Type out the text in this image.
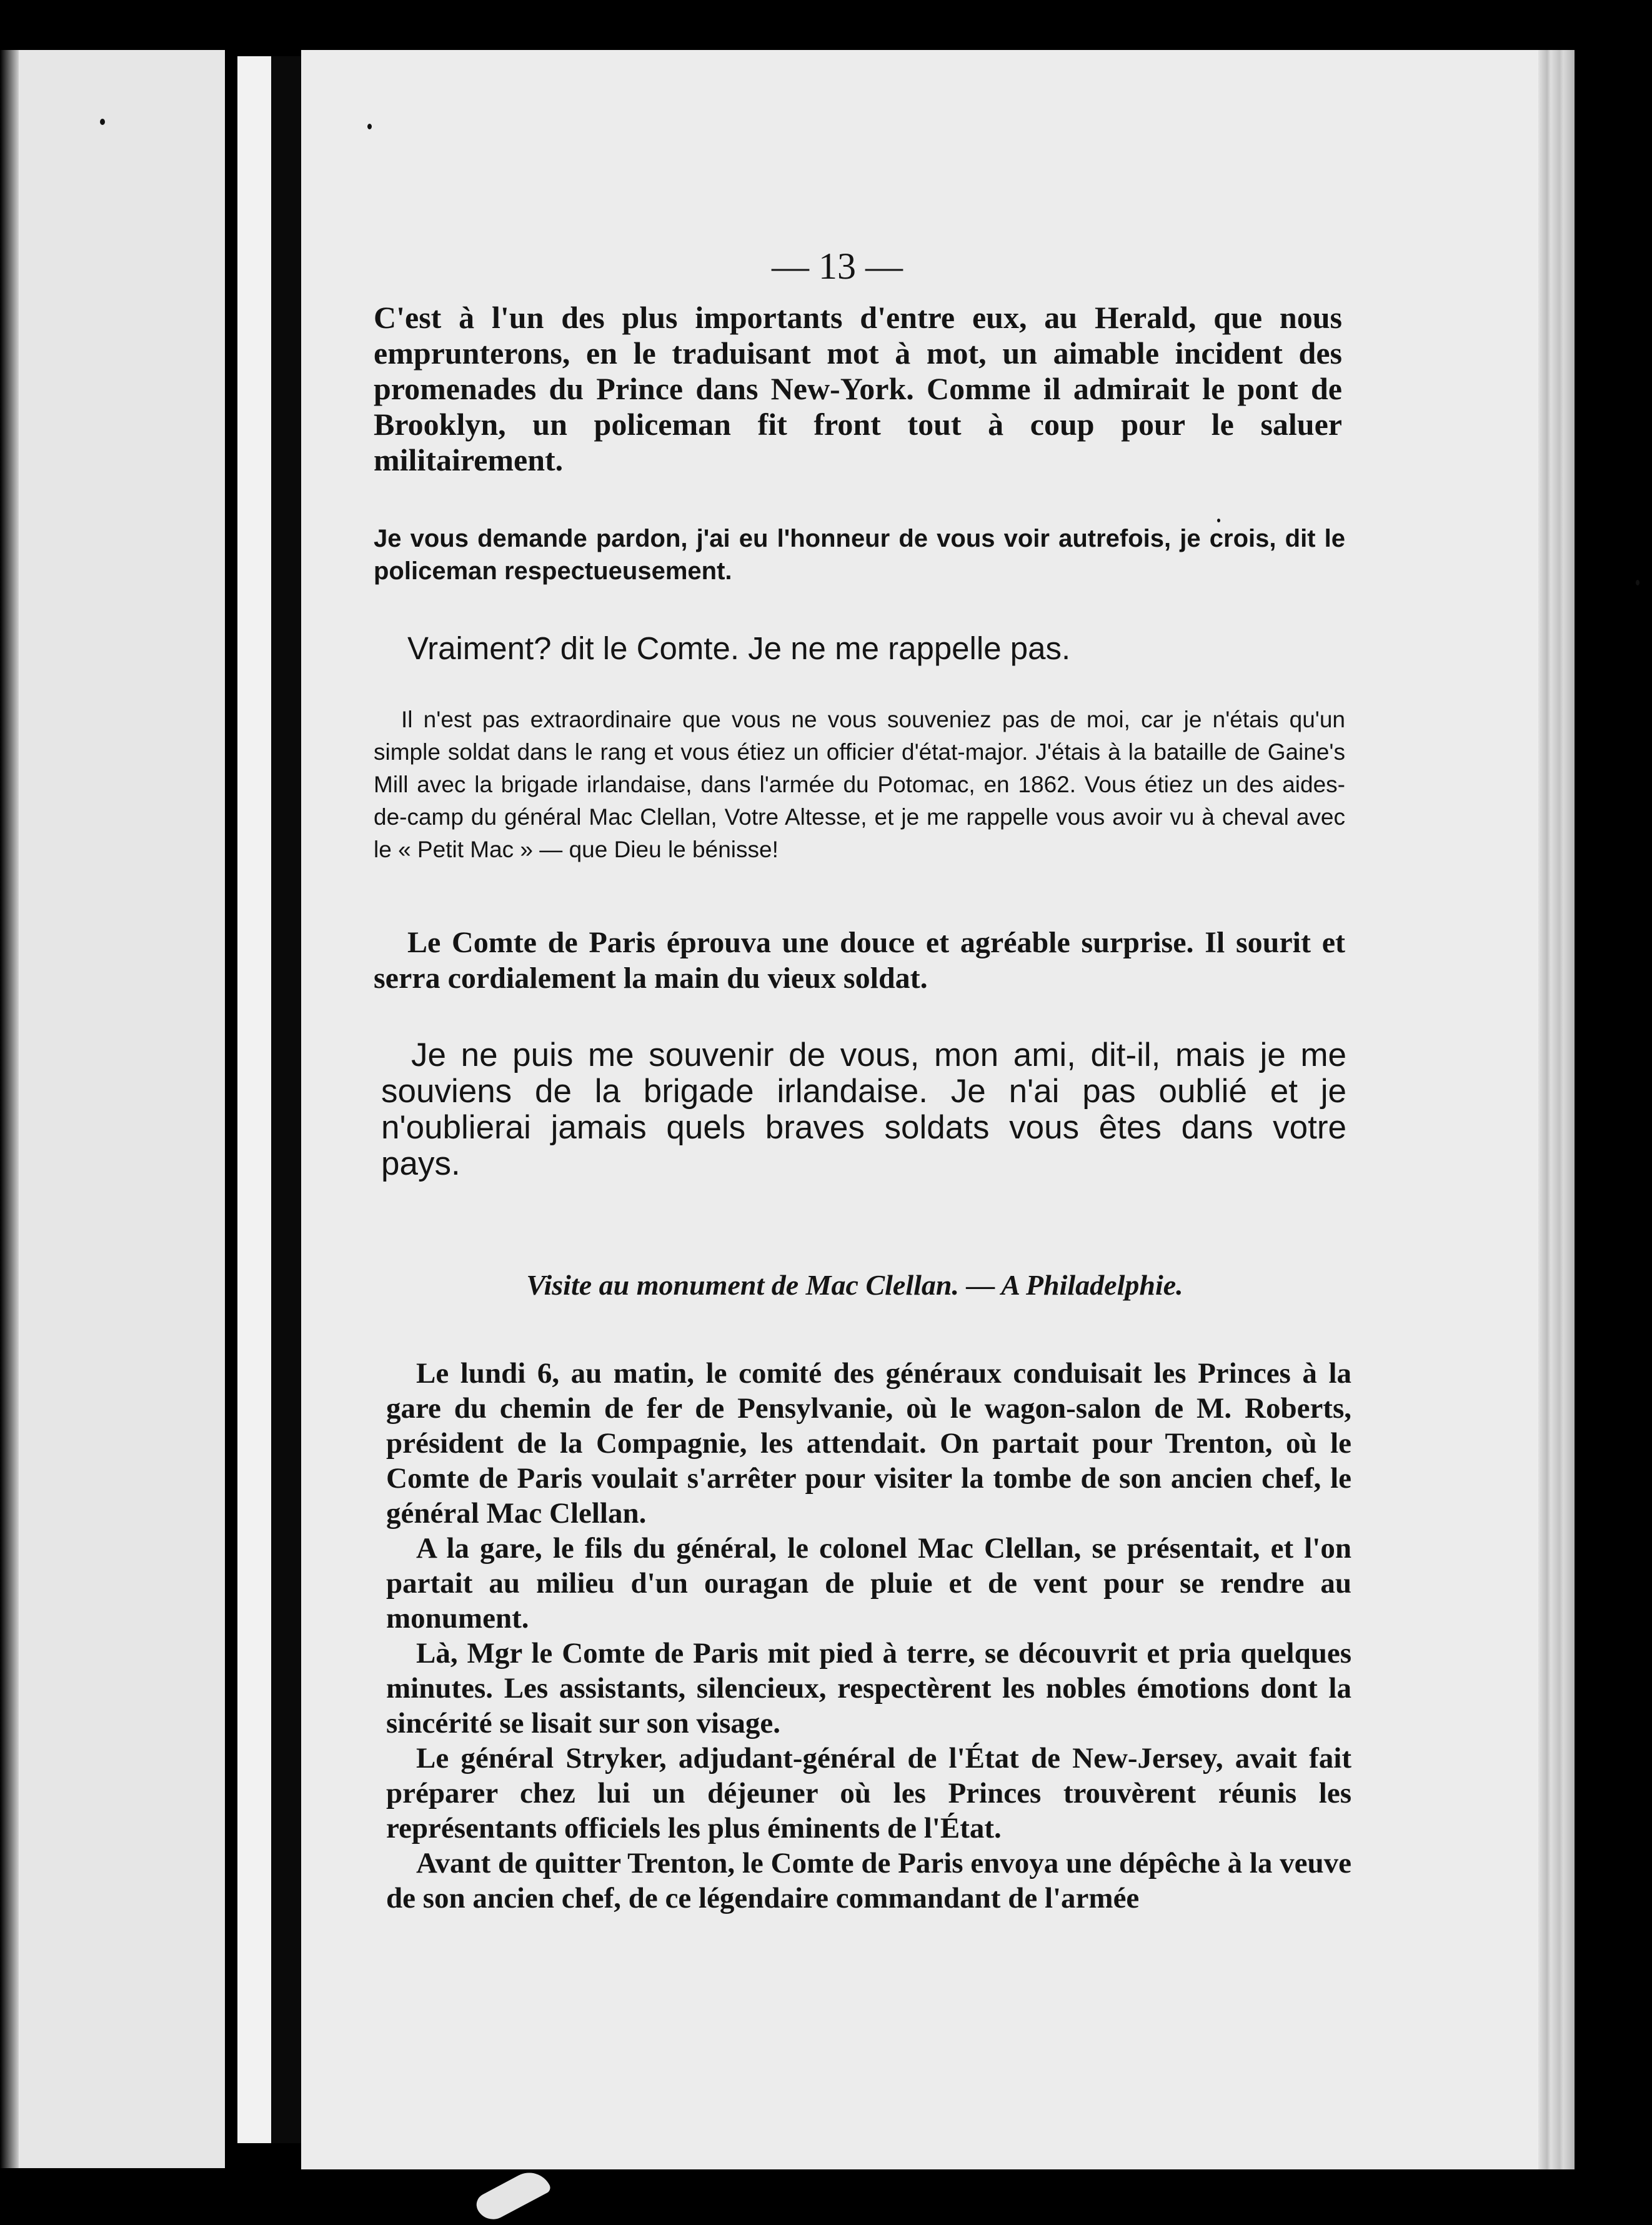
— 13 —

C'est à l'un des plus importants d'entre eux, au Herald, que nous emprunterons, en le traduisant mot à mot, un aimable incident des promenades du Prince dans New-York. Comme il admirait le pont de Brooklyn, un policeman fit front tout à coup pour le saluer militairement.

Je vous demande pardon, j'ai eu l'honneur de vous voir autrefois, je crois, dit le policeman respectueusement.

Vraiment? dit le Comte. Je ne me rappelle pas.

Il n'est pas extraordinaire que vous ne vous souveniez pas de moi, car je n'étais qu'un simple soldat dans le rang et vous étiez un officier d'état-major. J'étais à la bataille de Gaine's Mill avec la brigade irlandaise, dans l'armée du Potomac, en 1862. Vous étiez un des aides-de-camp du général Mac Clellan, Votre Altesse, et je me rappelle vous avoir vu à cheval avec le « Petit Mac » — que Dieu le bénisse!

Le Comte de Paris éprouva une douce et agréable surprise. Il sourit et serra cordialement la main du vieux soldat.

Je ne puis me souvenir de vous, mon ami, dit-il, mais je me souviens de la brigade irlandaise. Je n'ai pas oublié et je n'oublierai jamais quels braves soldats vous êtes dans votre pays.

Visite au monument de Mac Clellan. — A Philadelphie.

Le lundi 6, au matin, le comité des généraux conduisait les Princes à la gare du chemin de fer de Pensylvanie, où le wagon-salon de M. Roberts, président de la Compagnie, les attendait. On partait pour Trenton, où le Comte de Paris voulait s'arrêter pour visiter la tombe de son ancien chef, le général Mac Clellan.

A la gare, le fils du général, le colonel Mac Clellan, se présentait, et l'on partait au milieu d'un ouragan de pluie et de vent pour se rendre au monument.

Là, Mgr le Comte de Paris mit pied à terre, se découvrit et pria quelques minutes. Les assistants, silencieux, respectèrent les nobles émotions dont la sincérité se lisait sur son visage.

Le général Stryker, adjudant-général de l'État de New-Jersey, avait fait préparer chez lui un déjeuner où les Princes trouvèrent réunis les représentants officiels les plus éminents de l'État.

Avant de quitter Trenton, le Comte de Paris envoya une dépêche à la veuve de son ancien chef, de ce légendaire commandant de l'armée
